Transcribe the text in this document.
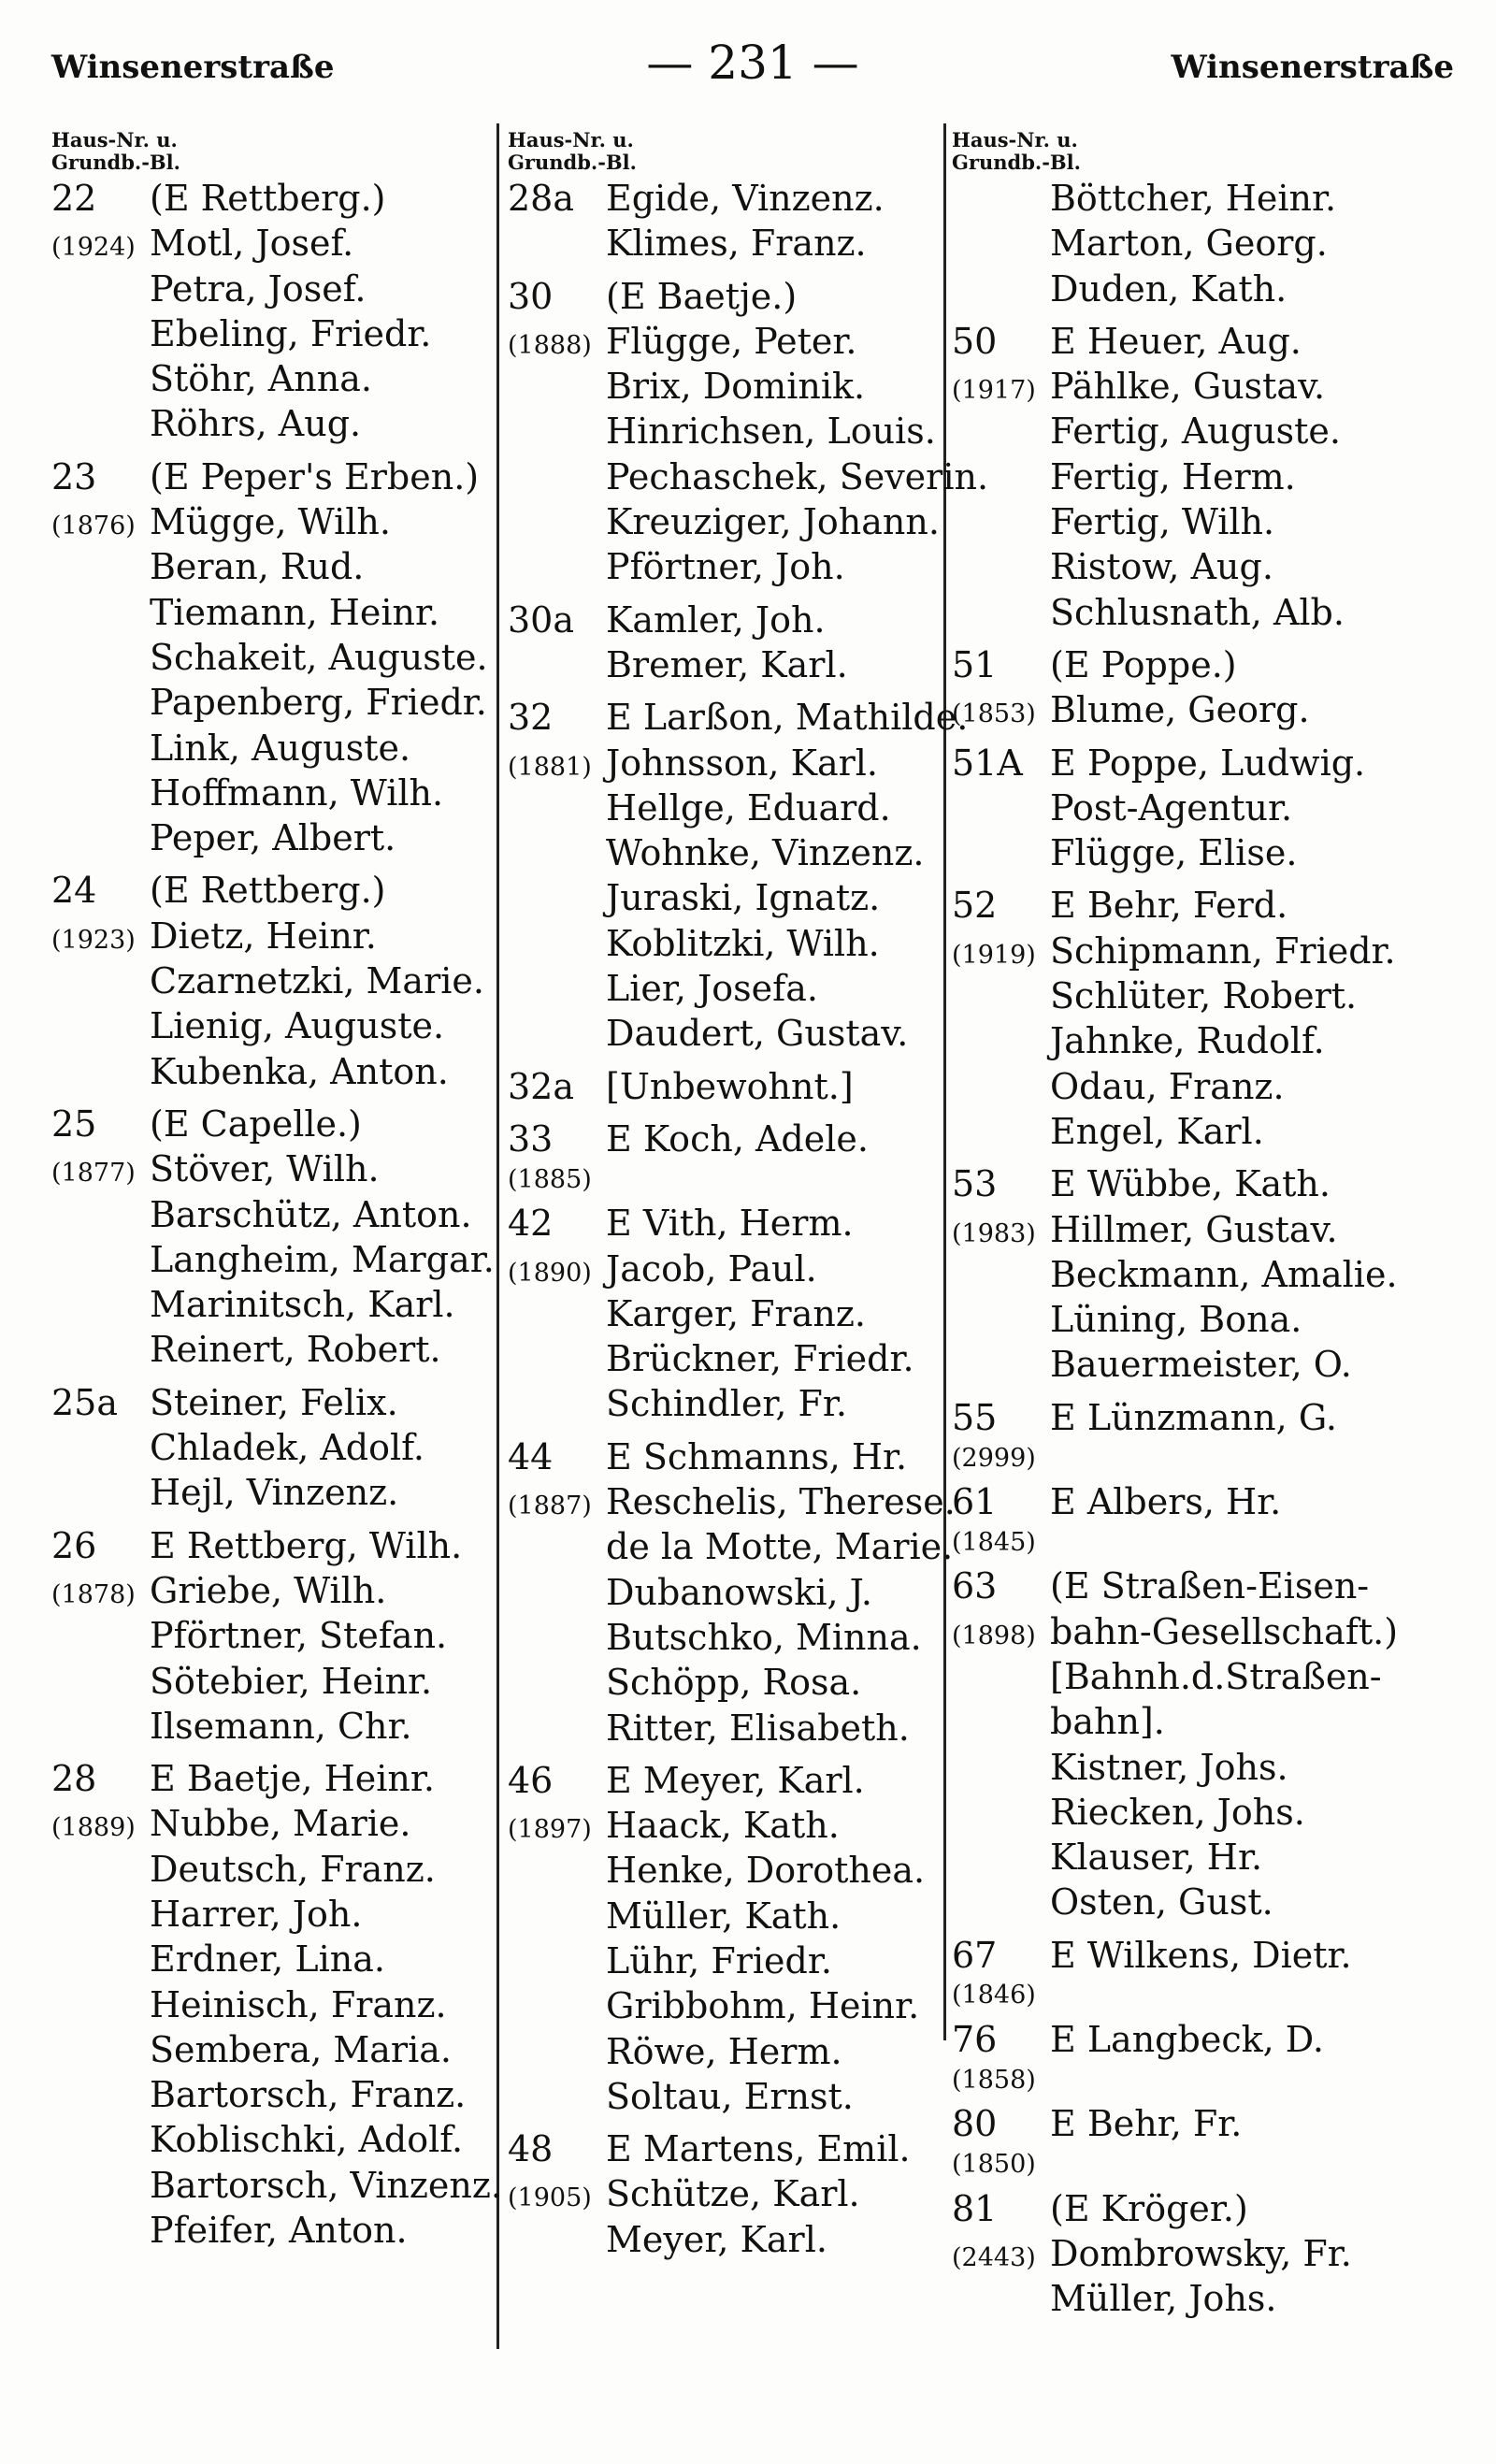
Winsenerstraße	— 231 —	Winsenerstraße
Haus-Nr. u.
Grundb.-Bl.
22	(E Rettberg.)
(1924) Motl, Josef.
Petra, Josef.
Ebeling, Friedr.
Stöhr, Anna.
Röhrs, Aug.
23	(E Peper's Erben.)
(1876) Mügge, Wilh.
Beran, Rud.
Tiemann, Heinr.
Schakeit, Auguste.
Papenberg, Friedr.
Link, Auguste.
Hoffmann, Wilh.
Peper, Albert.
24	(E Rettberg.)
(1923) Dietz, Heinr.
Czarnetzki, Marie.
Lienig, Auguste.
Kubenka, Anton.
25	(E Capelle.)
(1877) Stöver, Wilh.
Barschütz, Anton.
Langheim, Margar.
Marinitsch, Karl.
Reinert, Robert.
25a Steiner, Felix.
Chladek, Adolf.
Hejl, Vinzenz.
26	E Rettberg, Wilh.
(1878) Griebe, Wilh.
Pförtner, Stefan.
Sötebier, Heinr.
Ilsemann, Chr.
28	E Baetje, Heinr.
(1889) Nubbe, Marie.
Deutsch, Franz.
Harrer, Joh.
Erdner, Lina.
Heinisch, Franz.
Sembera, Maria.
Bartorsch, Franz.
Koblischki, Adolf.
Bartorsch, Vinzenz.
Pfeifer, Anton.
Haus-Nr. u.
Grundb.-Bl.
28a Egide, Vinzenz.
Klimes, Franz.
30	(E Baetje.)
(1888) Flügge, Peter.
Brix, Dominik.
Hinrichsen, Louis.
Pechaschek, Severin.
Kreuziger, Johann.
Pförtner, Joh.
30a Kamler, Joh.
Bremer, Karl.
32	E Larßon, Mathilde.
(1881) Johnsson, Karl.
Hellge, Eduard.
Wohnke, Vinzenz.
Juraski, Ignatz.
Koblitzki, Wilh.
Lier, Josefa.
Daudert, Gustav.
32a [Unbewohnt.]
33	E Koch, Adele.
(1885)
42	E Vith, Herm.
(1890) Jacob, Paul.
Karger, Franz.
Brückner, Friedr.
Schindler, Fr.
44	E Schmanns, Hr.
(1887) Reschelis, Therese.
de la Motte, Marie.
Dubanowski, J.
Butschko, Minna.
Schöpp, Rosa.
Ritter, Elisabeth.
46	E Meyer, Karl.
(1897) Haack, Kath.
Henke, Dorothea.
Müller, Kath.
Lühr, Friedr.
Gribbohm, Heinr.
Röwe, Herm.
Soltau, Ernst.
48	E Martens, Emil.
(1905) Schütze, Karl.
Meyer, Karl.
Haus-Nr. u.
Grundb.-Bl.
Böttcher, Heinr.
Marton, Georg.
Duden, Kath.
50	E Heuer, Aug.
(1917) Pählke, Gustav.
Fertig, Auguste.
Fertig, Herm.
Fertig, Wilh.
Ristow, Aug.
Schlusnath, Alb.
51	(E Poppe.)
(1853) Blume, Georg.
51A E Poppe, Ludwig.
Post-Agentur.
Flügge, Elise.
52	E Behr, Ferd.
(1919) Schipmann, Friedr.
Schlüter, Robert.
Jahnke, Rudolf.
Odau, Franz.
Engel, Karl.
53	E Wübbe, Kath.
(1983) Hillmer, Gustav.
Beckmann, Amalie.
Lüning, Bona.
Bauermeister, O.
55	E Lünzmann, G.
(2999)
61	E Albers, Hr.
(1845)
63	(E Straßen-Eisen-
(1898) bahn-Gesellschaft.)
[Bahnh.d.Straßen-
bahn].
Kistner, Johs.
Riecken, Johs.
Klauser, Hr.
Osten, Gust.
67	E Wilkens, Dietr.
(1846)
76	E Langbeck, D.
(1858)
80	E Behr, Fr.
(1850)
81	(E Kröger.)
(2443) Dombrowsky, Fr.
Müller, Johs.
